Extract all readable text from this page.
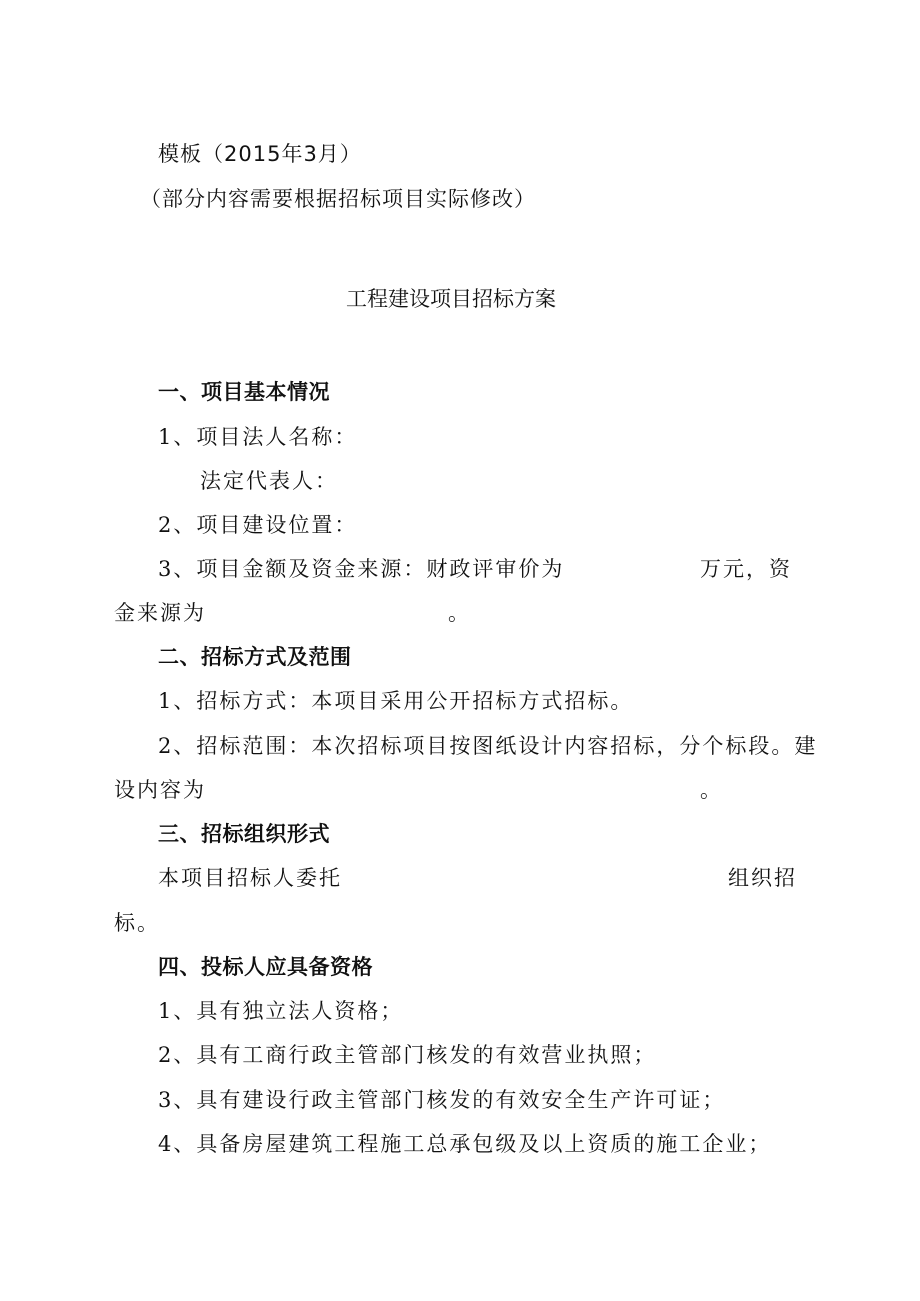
模板（2015年3月）
（部分内容需要根据招标项目实际修改）
工程建设项目招标方案
一、项目基本情况
1、项目法人名称：
法定代表人：
2、项目建设位置：
3、项目金额及资金来源：财政评审价为	万元，资
金来源为	。
二、招标方式及范围
1、招标方式：本项目采用公开招标方式招标。
2、招标范围：本次招标项目按图纸设计内容招标，分个标段。建
设内容为	。
三、招标组织形式
本项目招标人委托	组织招
标。
四、投标人应具备资格
1、具有独立法人资格；
2、具有工商行政主管部门核发的有效营业执照；
3、具有建设行政主管部门核发的有效安全生产许可证；
4、具备房屋建筑工程施工总承包级及以上资质的施工企业；
